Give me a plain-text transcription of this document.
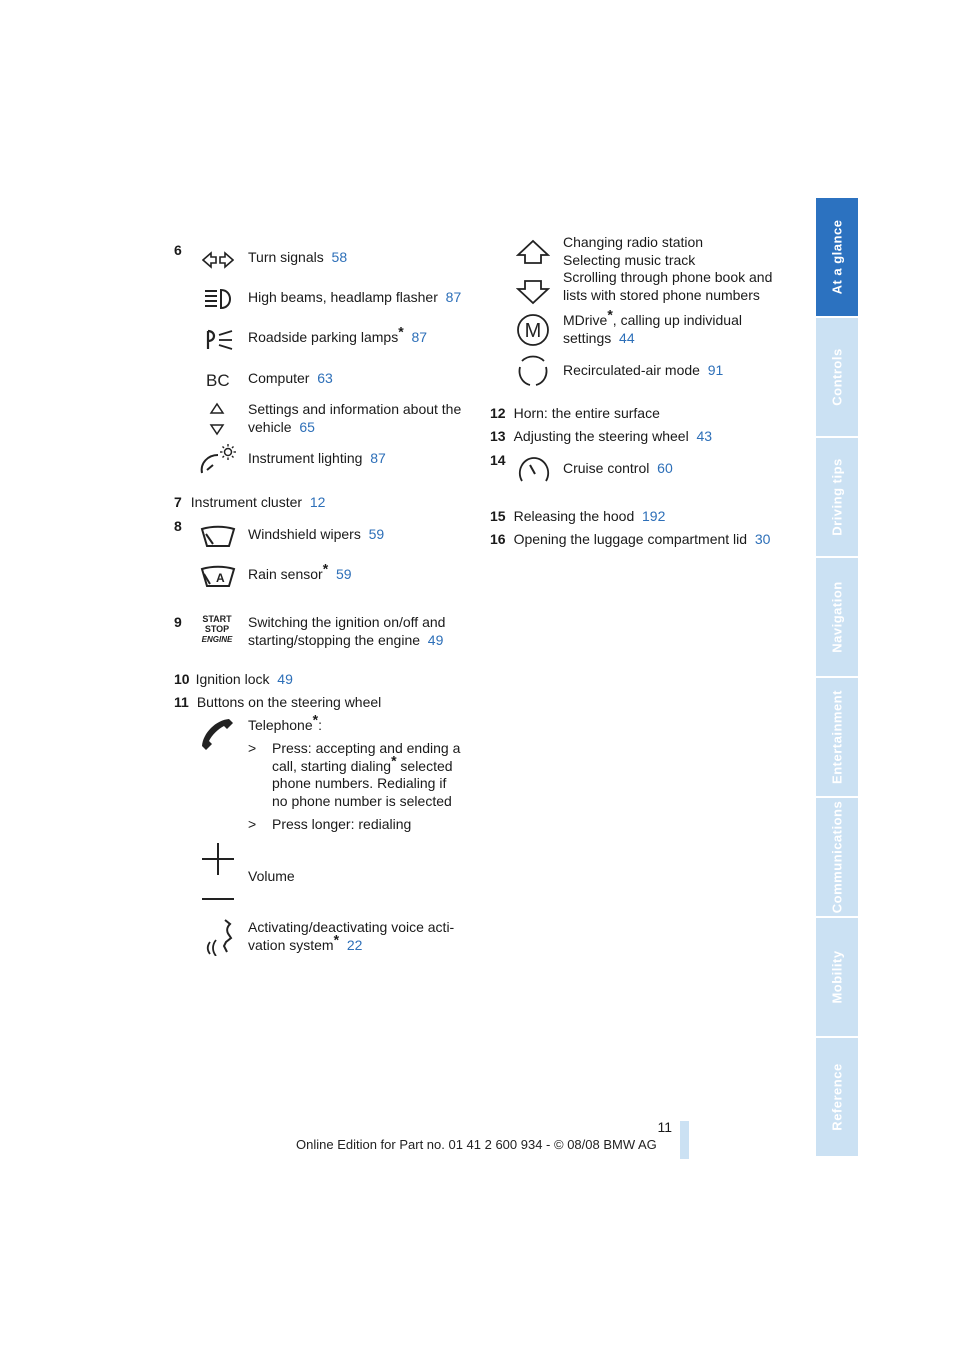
At a glance
Controls
Driving tips
Navigation
Entertainment
Communications
Mobility
Reference
6	Turn signals 58
High beams, headlamp flasher 87
Roadside parking lamps* 87
BC Computer 63
Settings and information about the
vehicle 65
Instrument lighting 87
7 Instrument cluster 12
8	Windshield wipers 59
A Rain sensor* 59
9	START
STOP
ENGINE
Switching the ignition on/off and
starting/stopping the engine 49
10 Ignition lock 49
11 Buttons on the steering wheel
Telephone*:
> Press: accepting and ending a
call, starting dialing* selected
phone numbers. Redialing if
no phone number is selected
> Press longer: redialing
Volume
Activating/deactivating voice acti-
vation system* 22
Changing radio station
Selecting music track
Scrolling through phone book and
lists with stored phone numbers
M MDrive*, calling up individual
settings 44
Recirculated-air mode 91
12 Horn: the entire surface
13 Adjusting the steering wheel 43
14	Cruise control 60
15 Releasing the hood 192
16 Opening the luggage compartment lid 30
11
Online Edition for Part no. 01 41 2 600 934 - © 08/08 BMW AG
